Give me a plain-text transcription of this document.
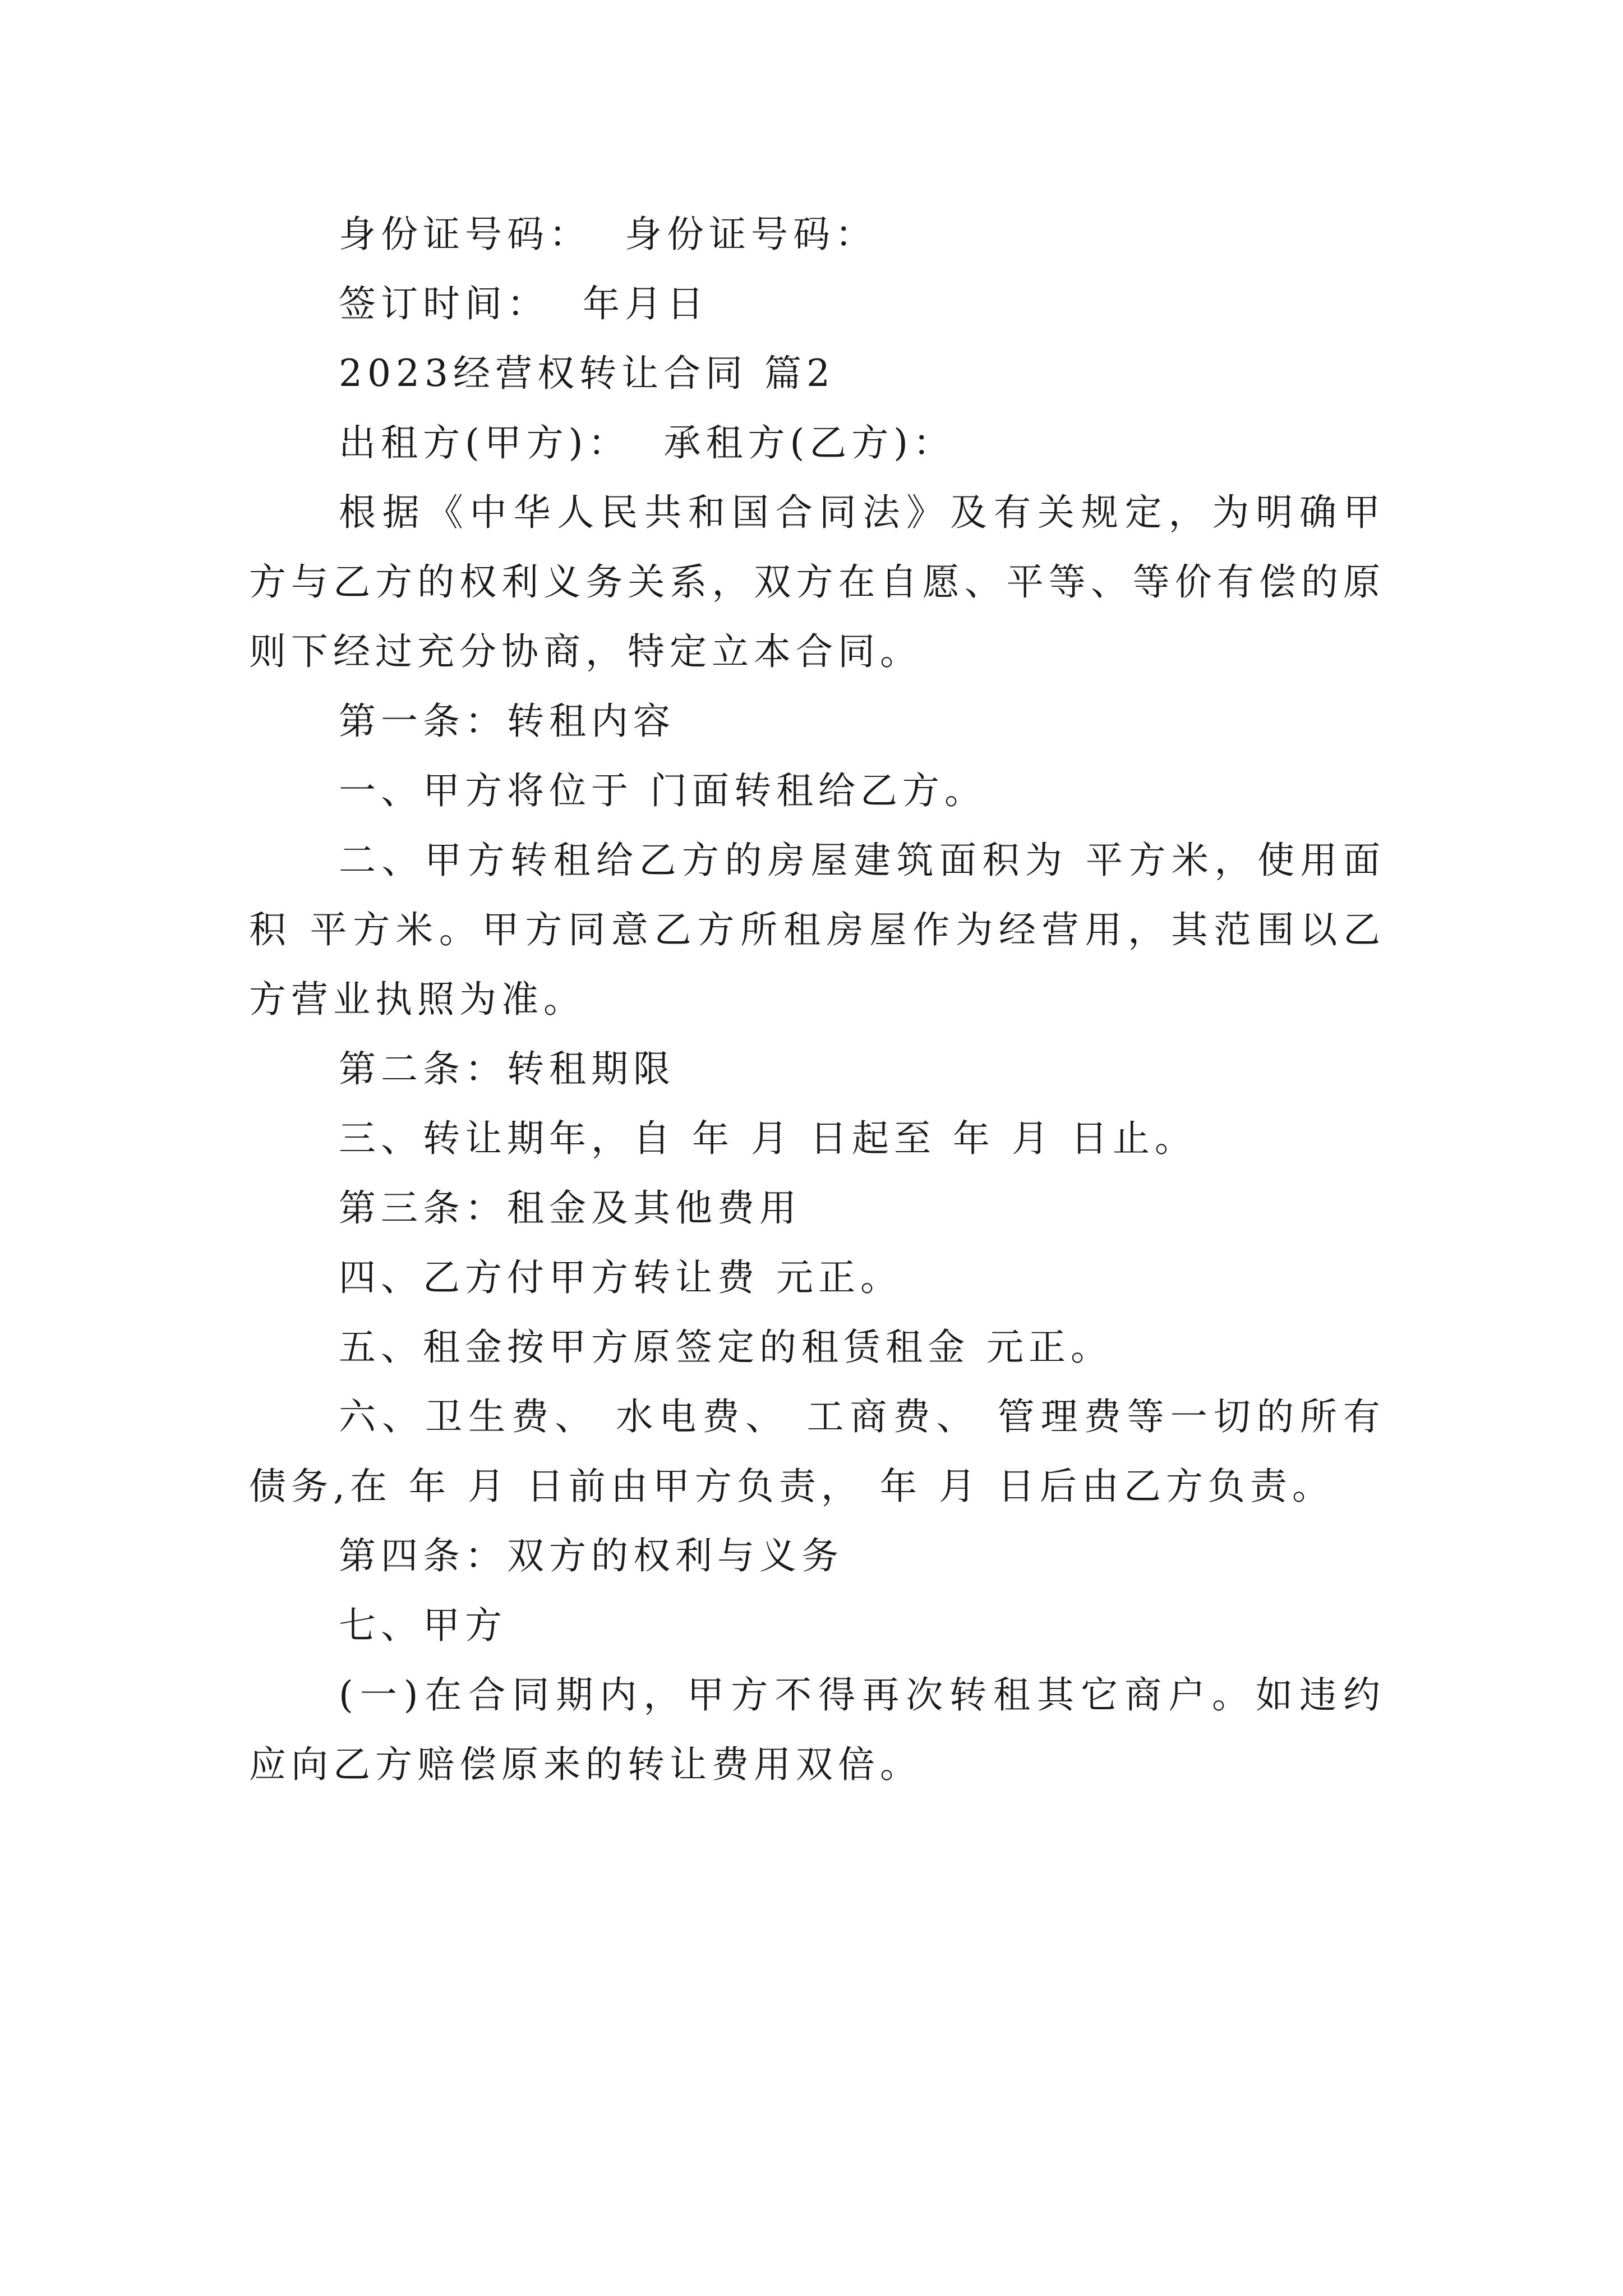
身份证号码：  身份证号码：

签订时间：  年月日

2023经营权转让合同 篇2

出租方(甲方)：  承租方(乙方)：

根据《中华人民共和国合同法》及有关规定，为明确甲方与乙方的权利义务关系，双方在自愿、平等、等价有偿的原则下经过充分协商，特定立本合同。

第一条：转租内容

一、甲方将位于 门面转租给乙方。

二、甲方转租给乙方的房屋建筑面积为 平方米，使用面积 平方米。甲方同意乙方所租房屋作为经营用，其范围以乙方营业执照为准。

第二条：转租期限

三、转让期年，自 年 月 日起至 年 月 日止。

第三条：租金及其他费用

四、乙方付甲方转让费 元正。

五、租金按甲方原签定的租赁租金 元正。

六、卫生费、 水电费、 工商费、 管理费等一切的所有债务,在 年 月 日前由甲方负责， 年 月 日后由乙方负责。

第四条：双方的权利与义务

七、甲方

(一)在合同期内，甲方不得再次转租其它商户。如违约应向乙方赔偿原来的转让费用双倍。
